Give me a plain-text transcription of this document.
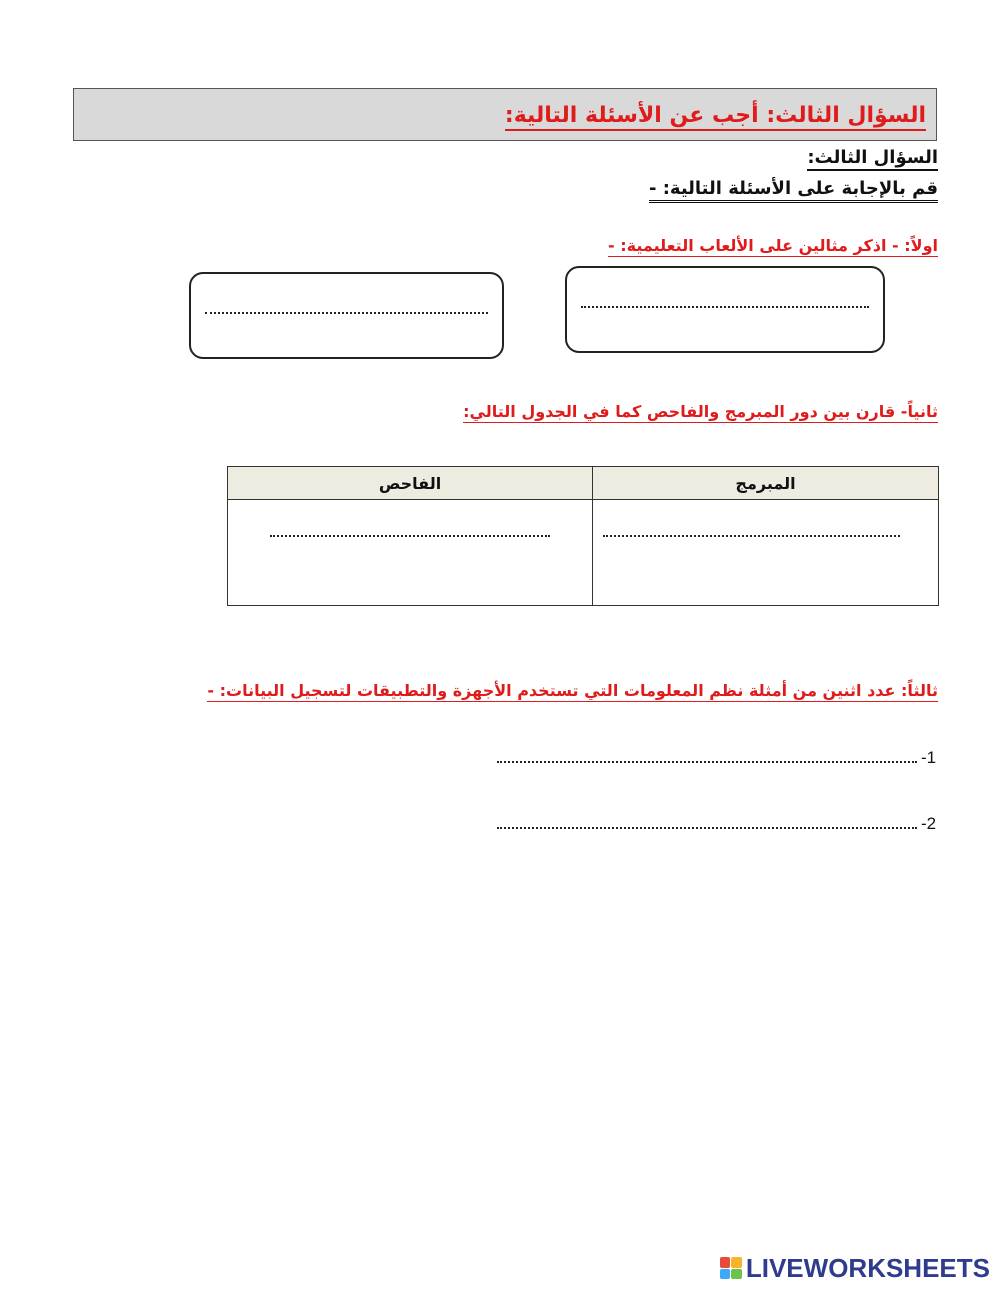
السؤال الثالث: أجب عن الأسئلة التالية:
السؤال الثالث:
قم بالإجابة على الأسئلة التالية: -
اولاً: - اذكر مثالين على الألعاب التعليمية: -
ثانياً- قارن بين دور المبرمج والفاحص كما في الجدول التالي:
المبرمج	الفاحص

ثالثاً: عدد اثنين من أمثلة نظم المعلومات التي تستخدم الأجهزة والتطبيقات لتسجيل البيانات: -
-1
-2
LIVEWORKSHEETS
